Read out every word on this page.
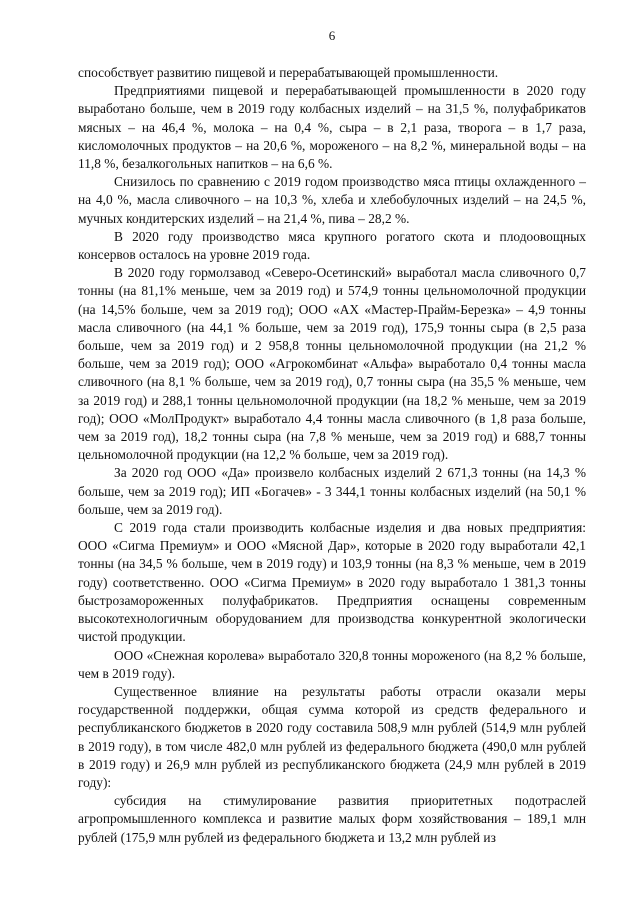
6

способствует развитию пищевой и перерабатывающей промышленности.

Предприятиями пищевой и перерабатывающей промышленности в 2020 году выработано больше, чем в 2019 году колбасных изделий – на 31,5 %, полуфабрикатов мясных – на 46,4 %, молока – на 0,4 %, сыра – в 2,1 раза, творога – в 1,7 раза, кисломолочных продуктов – на 20,6 %, мороженого – на 8,2 %, минеральной воды – на 11,8 %, безалкогольных напитков – на 6,6 %.

Снизилось по сравнению с 2019 годом производство мяса птицы охлажденного – на 4,0 %, масла сливочного – на 10,3 %, хлеба и хлебобулочных изделий – на 24,5 %, мучных кондитерских изделий – на 21,4 %, пива – 28,2 %.

В 2020 году производство мяса крупного рогатого скота и плодоовощных консервов осталось на уровне 2019 года.

В 2020 году гормолзавод «Северо-Осетинский» выработал масла сливочного 0,7 тонны (на 81,1% меньше, чем за 2019 год) и 574,9 тонны цельномолочной продукции (на 14,5% больше, чем за 2019 год); ООО «АХ «Мастер-Прайм-Березка» – 4,9 тонны масла сливочного (на 44,1 % больше, чем за 2019 год), 175,9 тонны сыра (в 2,5 раза больше, чем за 2019 год) и 2 958,8 тонны цельномолочной продукции (на 21,2 % больше, чем за 2019 год); ООО «Агрокомбинат «Альфа» выработало 0,4 тонны масла сливочного (на 8,1 % больше, чем за 2019 год), 0,7 тонны сыра (на 35,5 % меньше, чем за 2019 год) и 288,1 тонны цельномолочной продукции (на 18,2 % меньше, чем за 2019 год); ООО «МолПродукт» выработало 4,4 тонны масла сливочного (в 1,8 раза больше, чем за 2019 год), 18,2 тонны сыра (на 7,8 % меньше, чем за 2019 год) и 688,7 тонны цельномолочной продукции (на 12,2 % больше, чем за 2019 год).

За 2020 год ООО «Да» произвело колбасных изделий 2 671,3 тонны (на 14,3 % больше, чем за 2019 год); ИП «Богачев» - 3 344,1 тонны колбасных изделий (на 50,1 % больше, чем за 2019 год).

С 2019 года стали производить колбасные изделия и два новых предприятия: ООО «Сигма Премиум» и ООО «Мясной Дар», которые в 2020 году выработали 42,1 тонны (на 34,5 % больше, чем в 2019 году) и 103,9 тонны (на 8,3 % меньше, чем в 2019 году) соответственно. ООО «Сигма Премиум» в 2020 году выработало 1 381,3 тонны быстрозамороженных полуфабрикатов. Предприятия оснащены современным высокотехнологичным оборудованием для производства конкурентной экологически чистой продукции.

ООО «Снежная королева» выработало 320,8 тонны мороженого (на 8,2 % больше, чем в 2019 году).

Существенное влияние на результаты работы отрасли оказали меры государственной поддержки, общая сумма которой из средств федерального и республиканского бюджетов в 2020 году составила 508,9 млн рублей (514,9 млн рублей в 2019 году), в том числе 482,0 млн рублей из федерального бюджета (490,0 млн рублей в 2019 году) и 26,9 млн рублей из республиканского бюджета (24,9 млн рублей в 2019 году):

субсидия на стимулирование развития приоритетных подотраслей агропромышленного комплекса и развитие малых форм хозяйствования – 189,1 млн рублей (175,9 млн рублей из федерального бюджета и 13,2 млн рублей из
